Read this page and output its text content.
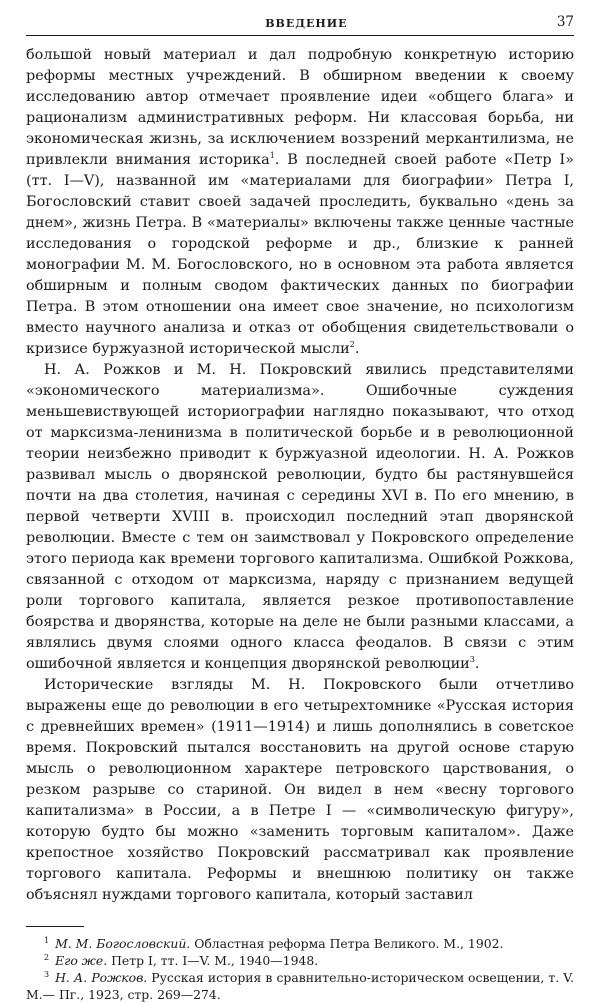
ВВЕДЕНИЕ	37

большой новый материал и дал подробную конкретную историю реформы местных учреждений. В обширном введении к своему исследованию автор отмечает проявление идеи «общего блага» и рационализм административных реформ. Ни классовая борьба, ни экономическая жизнь, за исключением воззрений меркантилизма, не привлекли внимания историка$^1$. В последней своей работе «Петр I» (тт. I—V), названной им «материалами для биографии» Петра I, Богословский ставит своей задачей проследить, буквально «день за днем», жизнь Петра. В «материалы» включены также ценные частные исследования о городской реформе и др., близкие к ранней монографии М. М. Богословского, но в основном эта работа является обширным и полным сводом фактических данных по биографии Петра. В этом отношении она имеет свое значение, но психологизм вместо научного анализа и отказ от обобщения свидетельствовали о кризисе буржуазной исторической мысли$^2$.

Н. А. Рожков и М. Н. Покровский явились представителями «экономического материализма». Ошибочные суждения меньшевиствующей историографии наглядно показывают, что отход от марксизма-ленинизма в политической борьбе и в революционной теории неизбежно приводит к буржуазной идеологии. Н. А. Рожков развивал мысль о дворянской революции, будто бы растянувшейся почти на два столетия, начиная с середины XVI в. По его мнению, в первой четверти XVIII в. происходил последний этап дворянской революции. Вместе с тем он заимствовал у Покровского определение этого периода как времени торгового капитализма. Ошибкой Рожкова, связанной с отходом от марксизма, наряду с признанием ведущей роли торгового капитала, является резкое противопоставление боярства и дворянства, которые на деле не были разными классами, а являлись двумя слоями одного класса феодалов. В связи с этим ошибочной является и концепция дворянской революции$^3$.

Исторические взгляды М. Н. Покровского были отчетливо выражены еще до революции в его четырехтомнике «Русская история с древнейших времен» (1911—1914) и лишь дополнялись в советское время. Покровский пытался восстановить на другой основе старую мысль о революционном характере петровского царствования, о резком разрыве со стариной. Он видел в нем «весну торгового капитализма» в России, а в Петре I — «символическую фигуру», которую будто бы можно «заменить торговым капиталом». Даже крепостное хозяйство Покровский рассматривал как проявление торгового капитала. Реформы и внешнюю политику он также объяснял нуждами торгового капитала, который заставил

$^1$ М. М. Богословский. Областная реформа Петра Великого. М., 1902.

$^2$ Его же. Петр I, тт. I—V. М., 1940—1948.

$^3$ Н. А. Рожков. Русская история в сравнительно-историческом освещении, т. V. М.— Пг., 1923, стр. 269—274.
